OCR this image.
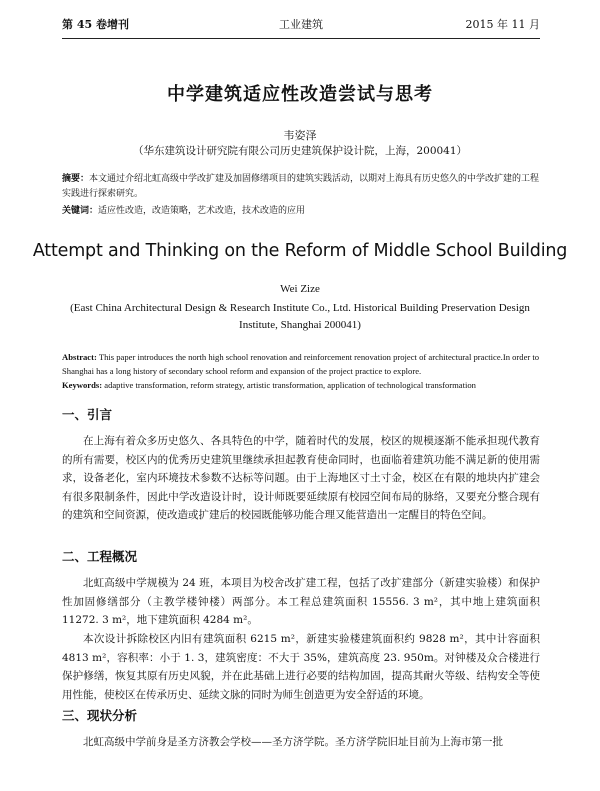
第 45 卷增刊	工业建筑	2015 年 11 月
中学建筑适应性改造尝试与思考
韦姿泽
（华东建筑设计研究院有限公司历史建筑保护设计院，上海，200041）
摘要：本文通过介绍北虹高级中学改扩建及加固修缮项目的建筑实践活动，以期对上海具有历史悠久的中学改扩建的工程实践进行探索研究。
关键词：适应性改造，改造策略，艺术改造，技术改造的应用
Attempt and Thinking on the Reform of Middle School Building
Wei Zize
(East China Architectural Design & Research Institute Co., Ltd. Historical Building Preservation Design Institute, Shanghai 200041)
Abstract: This paper introduces the north high school renovation and reinforcement renovation project of architectural practice.In order to Shanghai has a long history of secondary school reform and expansion of the project practice to explore.
Keywords: adaptive transformation, reform strategy, artistic transformation, application of technological transformation
一、引言
在上海有着众多历史悠久、各具特色的中学，随着时代的发展，校区的规模逐渐不能承担现代教育的所有需要，校区内的优秀历史建筑里继续承担起教育使命同时，也面临着建筑功能不满足新的使用需求，设备老化，室内环境技术参数不达标等问题。由于上海地区寸土寸金，校区在有限的地块内扩建会有很多限制条件，因此中学改造设计时，设计师既要延续原有校园空间布局的脉络，又要充分整合现有的建筑和空间资源，使改造或扩建后的校园既能够功能合理又能营造出一定醒目的特色空间。
二、工程概况
北虹高级中学规模为 24 班，本项目为校舍改扩建工程，包括了改扩建部分（新建实验楼）和保护性加固修缮部分（主教学楼钟楼）两部分。本工程总建筑面积 15556. 3 m²，其中地上建筑面积 11272. 3 m²，地下建筑面积 4284 m²。
本次设计拆除校区内旧有建筑面积 6215 m²，新建实验楼建筑面积约 9828 m²，其中计容面积 4813 m²，容积率：小于 1. 3，建筑密度：不大于 35%，建筑高度 23. 950m。对钟楼及众合楼进行保护修缮，恢复其原有历史风貌，并在此基础上进行必要的结构加固，提高其耐火等级、结构安全等使用性能，使校区在传承历史、延续文脉的同时为师生创造更为安全舒适的环境。
三、现状分析
北虹高级中学前身是圣方济教会学校——圣方济学院。圣方济学院旧址目前为上海市第一批
